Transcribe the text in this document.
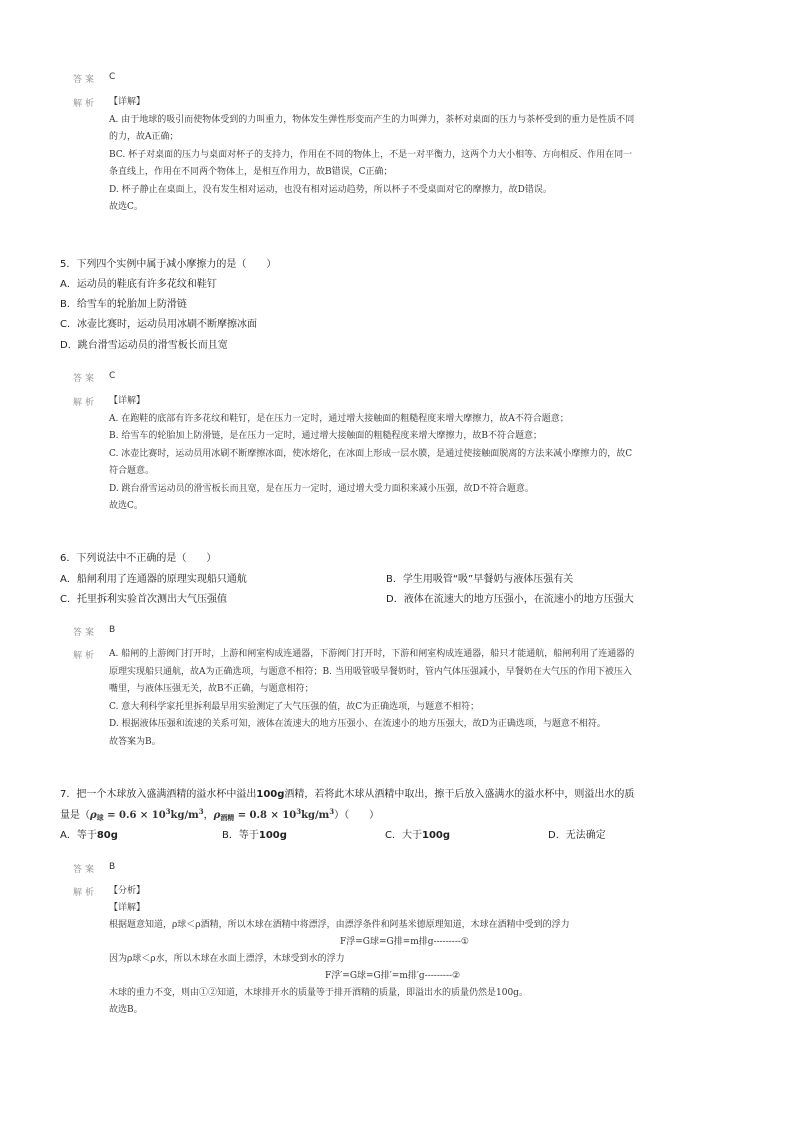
答案 C
解析 【详解】
A. 由于地球的吸引而使物体受到的力叫重力，物体发生弹性形变而产生的力叫弹力，茶杯对桌面的压力与茶杯受到的重力是性质不同
的力，故A正确；
BC. 杯子对桌面的压力与桌面对杯子的支持力，作用在不同的物体上，不是一对平衡力，这两个力大小相等、方向相反、作用在同一
条直线上，作用在不同两个物体上，是相互作用力，故B错误，C正确；
D. 杯子静止在桌面上，没有发生相对运动，也没有相对运动趋势，所以杯子不受桌面对它的摩擦力，故D错误。
故选C。
5．下列四个实例中属于减小摩擦力的是（　　）
A．运动员的鞋底有许多花纹和鞋钉
B．给雪车的轮胎加上防滑链
C．冰壶比赛时，运动员用冰刷不断摩擦冰面
D．跳台滑雪运动员的滑雪板长而且宽
答案 C
解析 【详解】
A. 在跑鞋的底部有许多花纹和鞋钉，是在压力一定时，通过增大接触面的粗糙程度来增大摩擦力，故A不符合题意；
B. 给雪车的轮胎加上防滑链，是在压力一定时，通过增大接触面的粗糙程度来增大摩擦力，故B不符合题意；
C. 冰壶比赛时，运动员用冰刷不断摩擦冰面，使冰熔化，在冰面上形成一层水膜，是通过使接触面脱离的方法来减小摩擦力的，故C
符合题意。
D. 跳台滑雪运动员的滑雪板长而且宽，是在压力一定时，通过增大受力面积来减小压强，故D不符合题意。
故选C。
6．下列说法中不正确的是（　　）
A．船闸利用了连通器的原理实现船只通航	B．学生用吸管“吸”早餐奶与液体压强有关
C．托里拆利实验首次测出大气压强值	D．液体在流速大的地方压强小，在流速小的地方压强大
答案 B
解析 A. 船闸的上游阀门打开时，上游和闸室构成连通器，下游阀门打开时，下游和闸室构成连通器，船只才能通航，船闸利用了连通器的
原理实现船只通航，故A为正确选项，与题意不相符；B. 当用吸管吸早餐奶时，管内气体压强减小，早餐奶在大气压的作用下被压入
嘴里，与液体压强无关，故B不正确，与题意相符；
C. 意大利科学家托里拆利最早用实验测定了大气压强的值，故C为正确选项，与题意不相符；
D. 根据液体压强和流速的关系可知，液体在流速大的地方压强小、在流速小的地方压强大，故D为正确选项，与题意不相符。
故答案为B。
7．把一个木球放入盛满酒精的溢水杯中溢出100g酒精，若将此木球从酒精中取出，擦干后放入盛满水的溢水杯中，则溢出水的质
量是（$\rho_球 = 0.6 \times 10^3kg/m^3$，$\rho_{酒精} = 0.8 \times 10^3kg/m^3$）（　　）
A．等于80g	B．等于100g	C．大于100g	D．无法确定
答案 B
解析 【分析】
【详解】
根据题意知道，ρ球＜ρ酒精，所以木球在酒精中将漂浮，由漂浮条件和阿基米德原理知道，木球在酒精中受到的浮力
F浮=G球=G排=m排g---------①
因为ρ球＜ρ水，所以木球在水面上漂浮，木球受到水的浮力
F浮′=G球=G排′=m排′g---------②
木球的重力不变，则由①②知道，木球排开水的质量等于排开酒精的质量，即溢出水的质量仍然是100g。
故选B。
